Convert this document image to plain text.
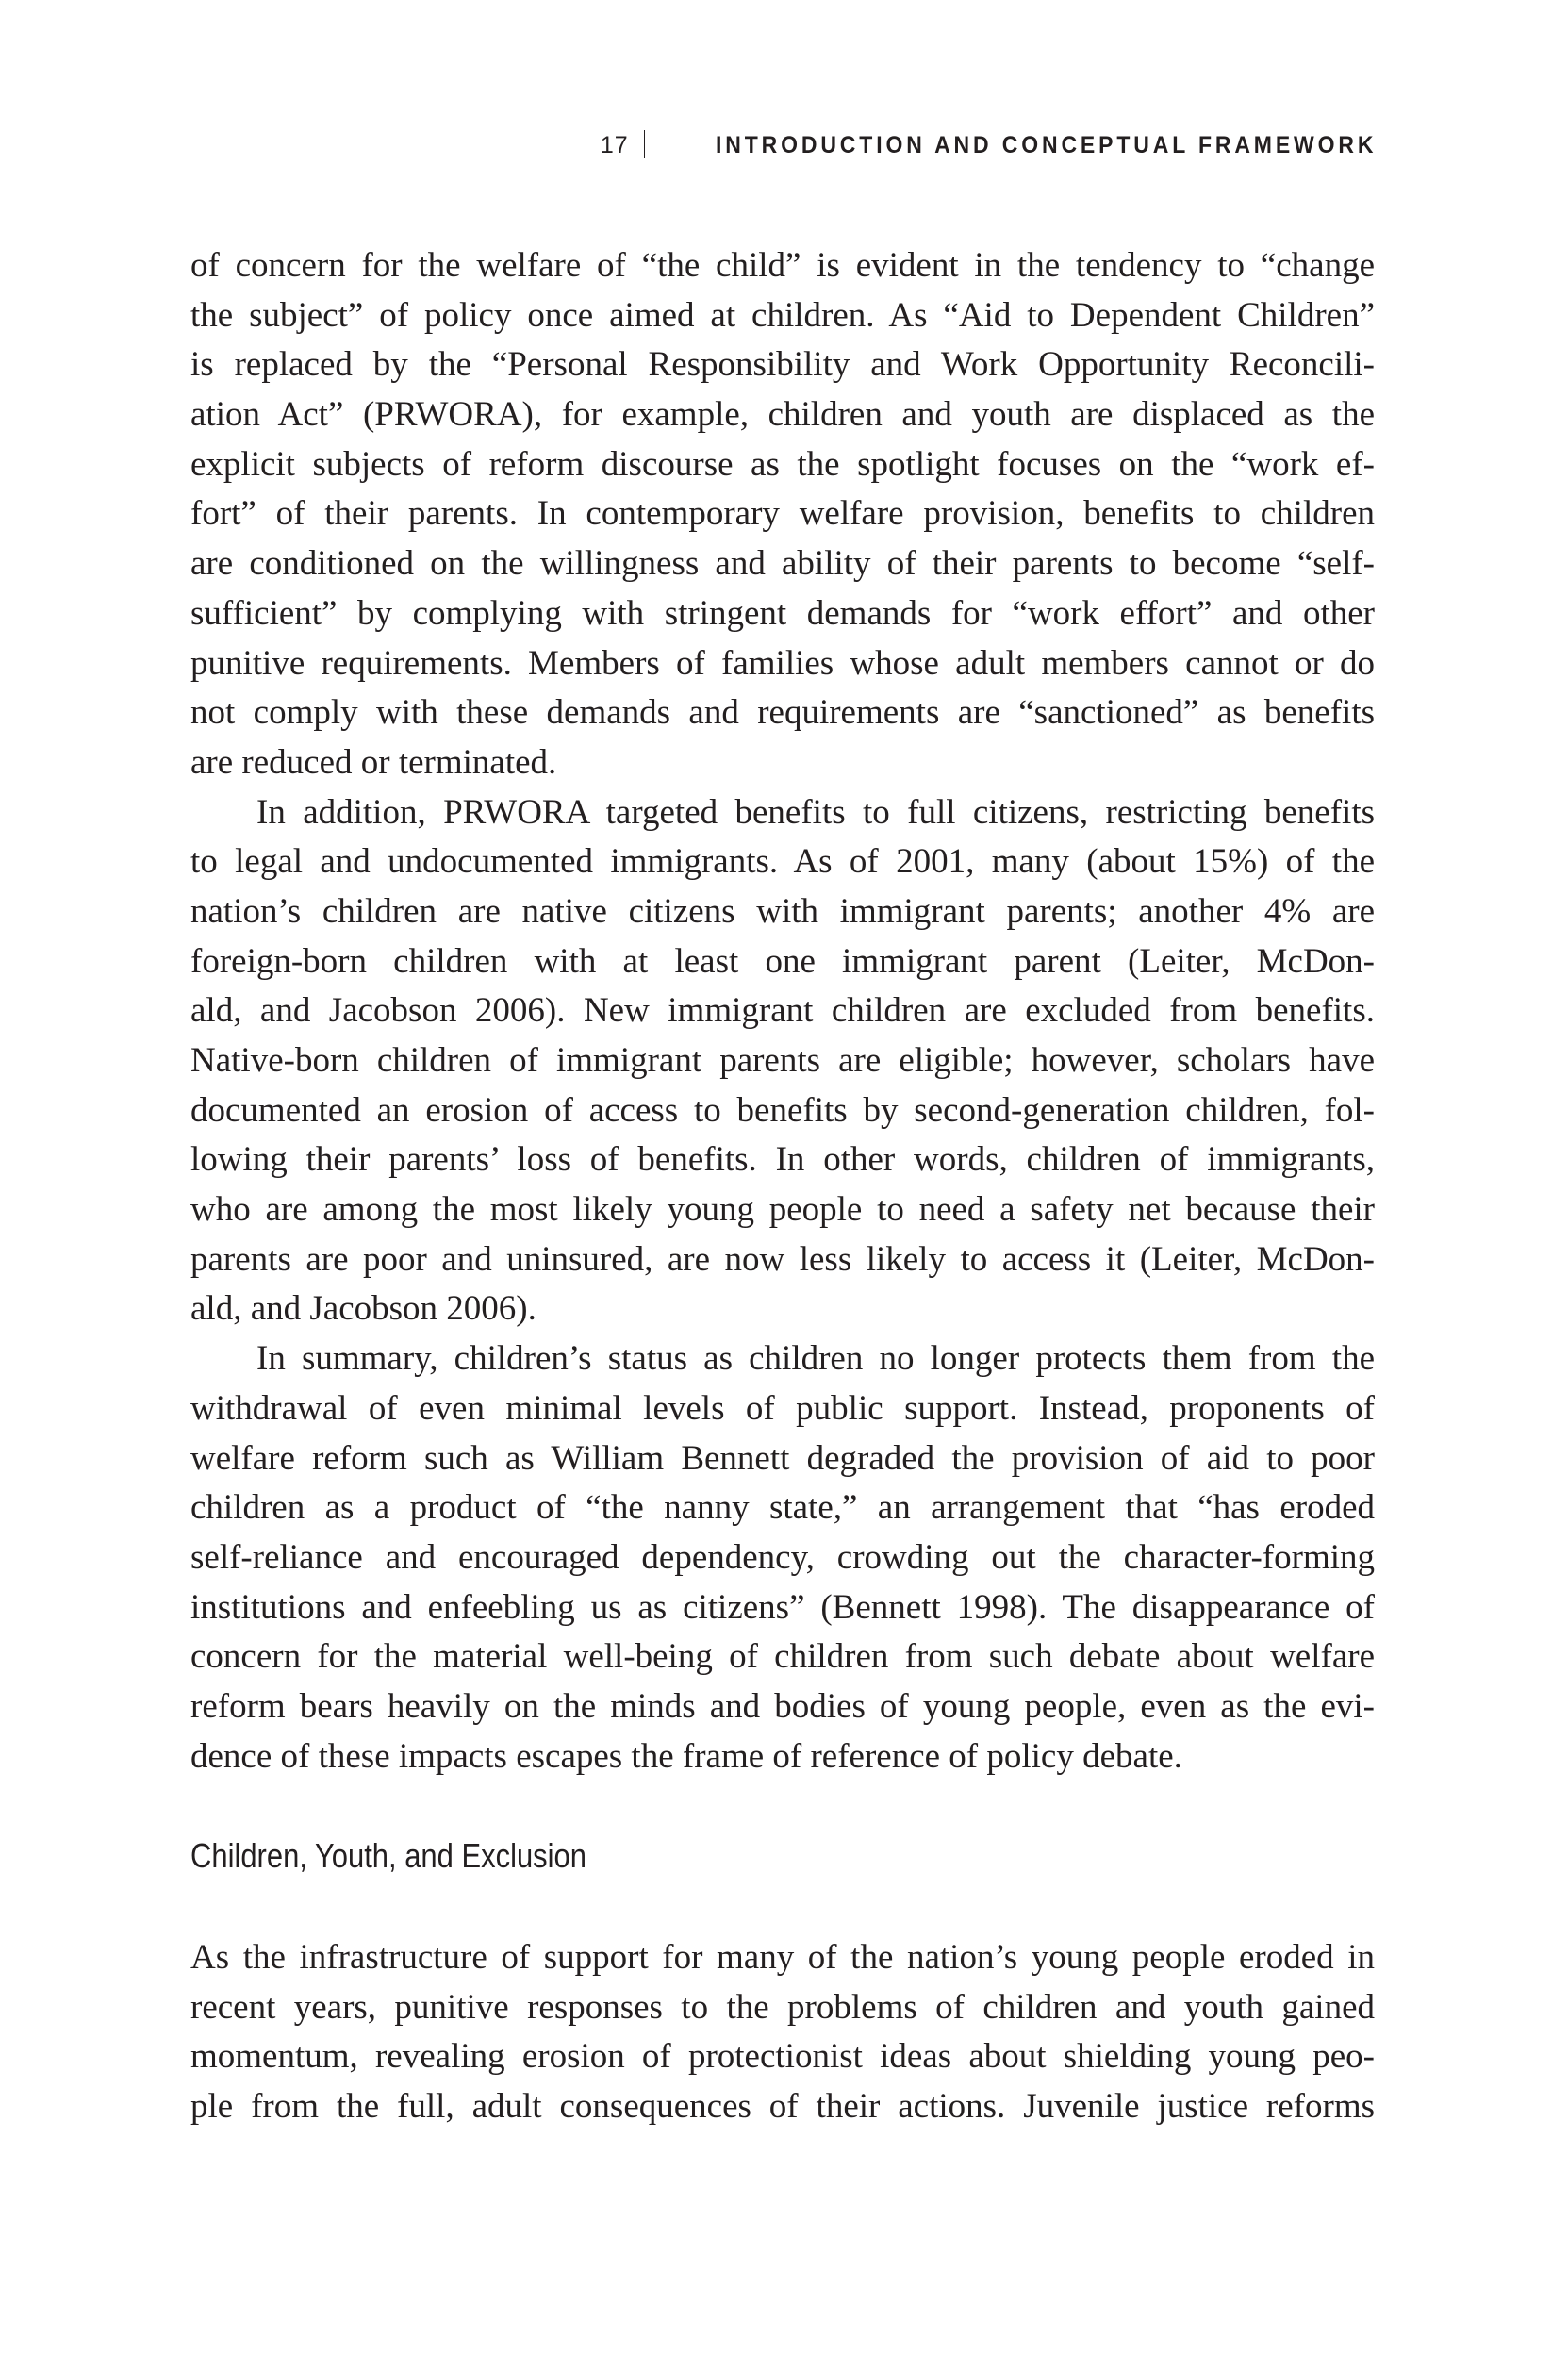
17	INTRODUCTION AND CONCEPTUAL FRAMEWORK
of concern for the welfare of “the child” is evident in the tendency to “change
the subject” of policy once aimed at children. As “Aid to Dependent Children”
is replaced by the “Personal Responsibility and Work Opportunity Reconcili-
ation Act” (PRWORA), for example, children and youth are displaced as the
explicit subjects of reform discourse as the spotlight focuses on the “work ef-
fort” of their parents. In contemporary welfare provision, benefits to children
are conditioned on the willingness and ability of their parents to become “self-
sufficient” by complying with stringent demands for “work effort” and other
punitive requirements. Members of families whose adult members cannot or do
not comply with these demands and requirements are “sanctioned” as benefits
are reduced or terminated.
In addition, PRWORA targeted benefits to full citizens, restricting benefits
to legal and undocumented immigrants. As of 2001, many (about 15%) of the
nation’s children are native citizens with immigrant parents; another 4% are
foreign-born children with at least one immigrant parent (Leiter, McDon-
ald, and Jacobson 2006). New immigrant children are excluded from benefits.
Native-born children of immigrant parents are eligible; however, scholars have
documented an erosion of access to benefits by second-generation children, fol-
lowing their parents’ loss of benefits. In other words, children of immigrants,
who are among the most likely young people to need a safety net because their
parents are poor and uninsured, are now less likely to access it (Leiter, McDon-
ald, and Jacobson 2006).
In summary, children’s status as children no longer protects them from the
withdrawal of even minimal levels of public support. Instead, proponents of
welfare reform such as William Bennett degraded the provision of aid to poor
children as a product of “the nanny state,” an arrangement that “has eroded
self-reliance and encouraged dependency, crowding out the character-forming
institutions and enfeebling us as citizens” (Bennett 1998). The disappearance of
concern for the material well-being of children from such debate about welfare
reform bears heavily on the minds and bodies of young people, even as the evi-
dence of these impacts escapes the frame of reference of policy debate.
Children, Youth, and Exclusion
As the infrastructure of support for many of the nation’s young people eroded in
recent years, punitive responses to the problems of children and youth gained
momentum, revealing erosion of protectionist ideas about shielding young peo-
ple from the full, adult consequences of their actions. Juvenile justice reforms
